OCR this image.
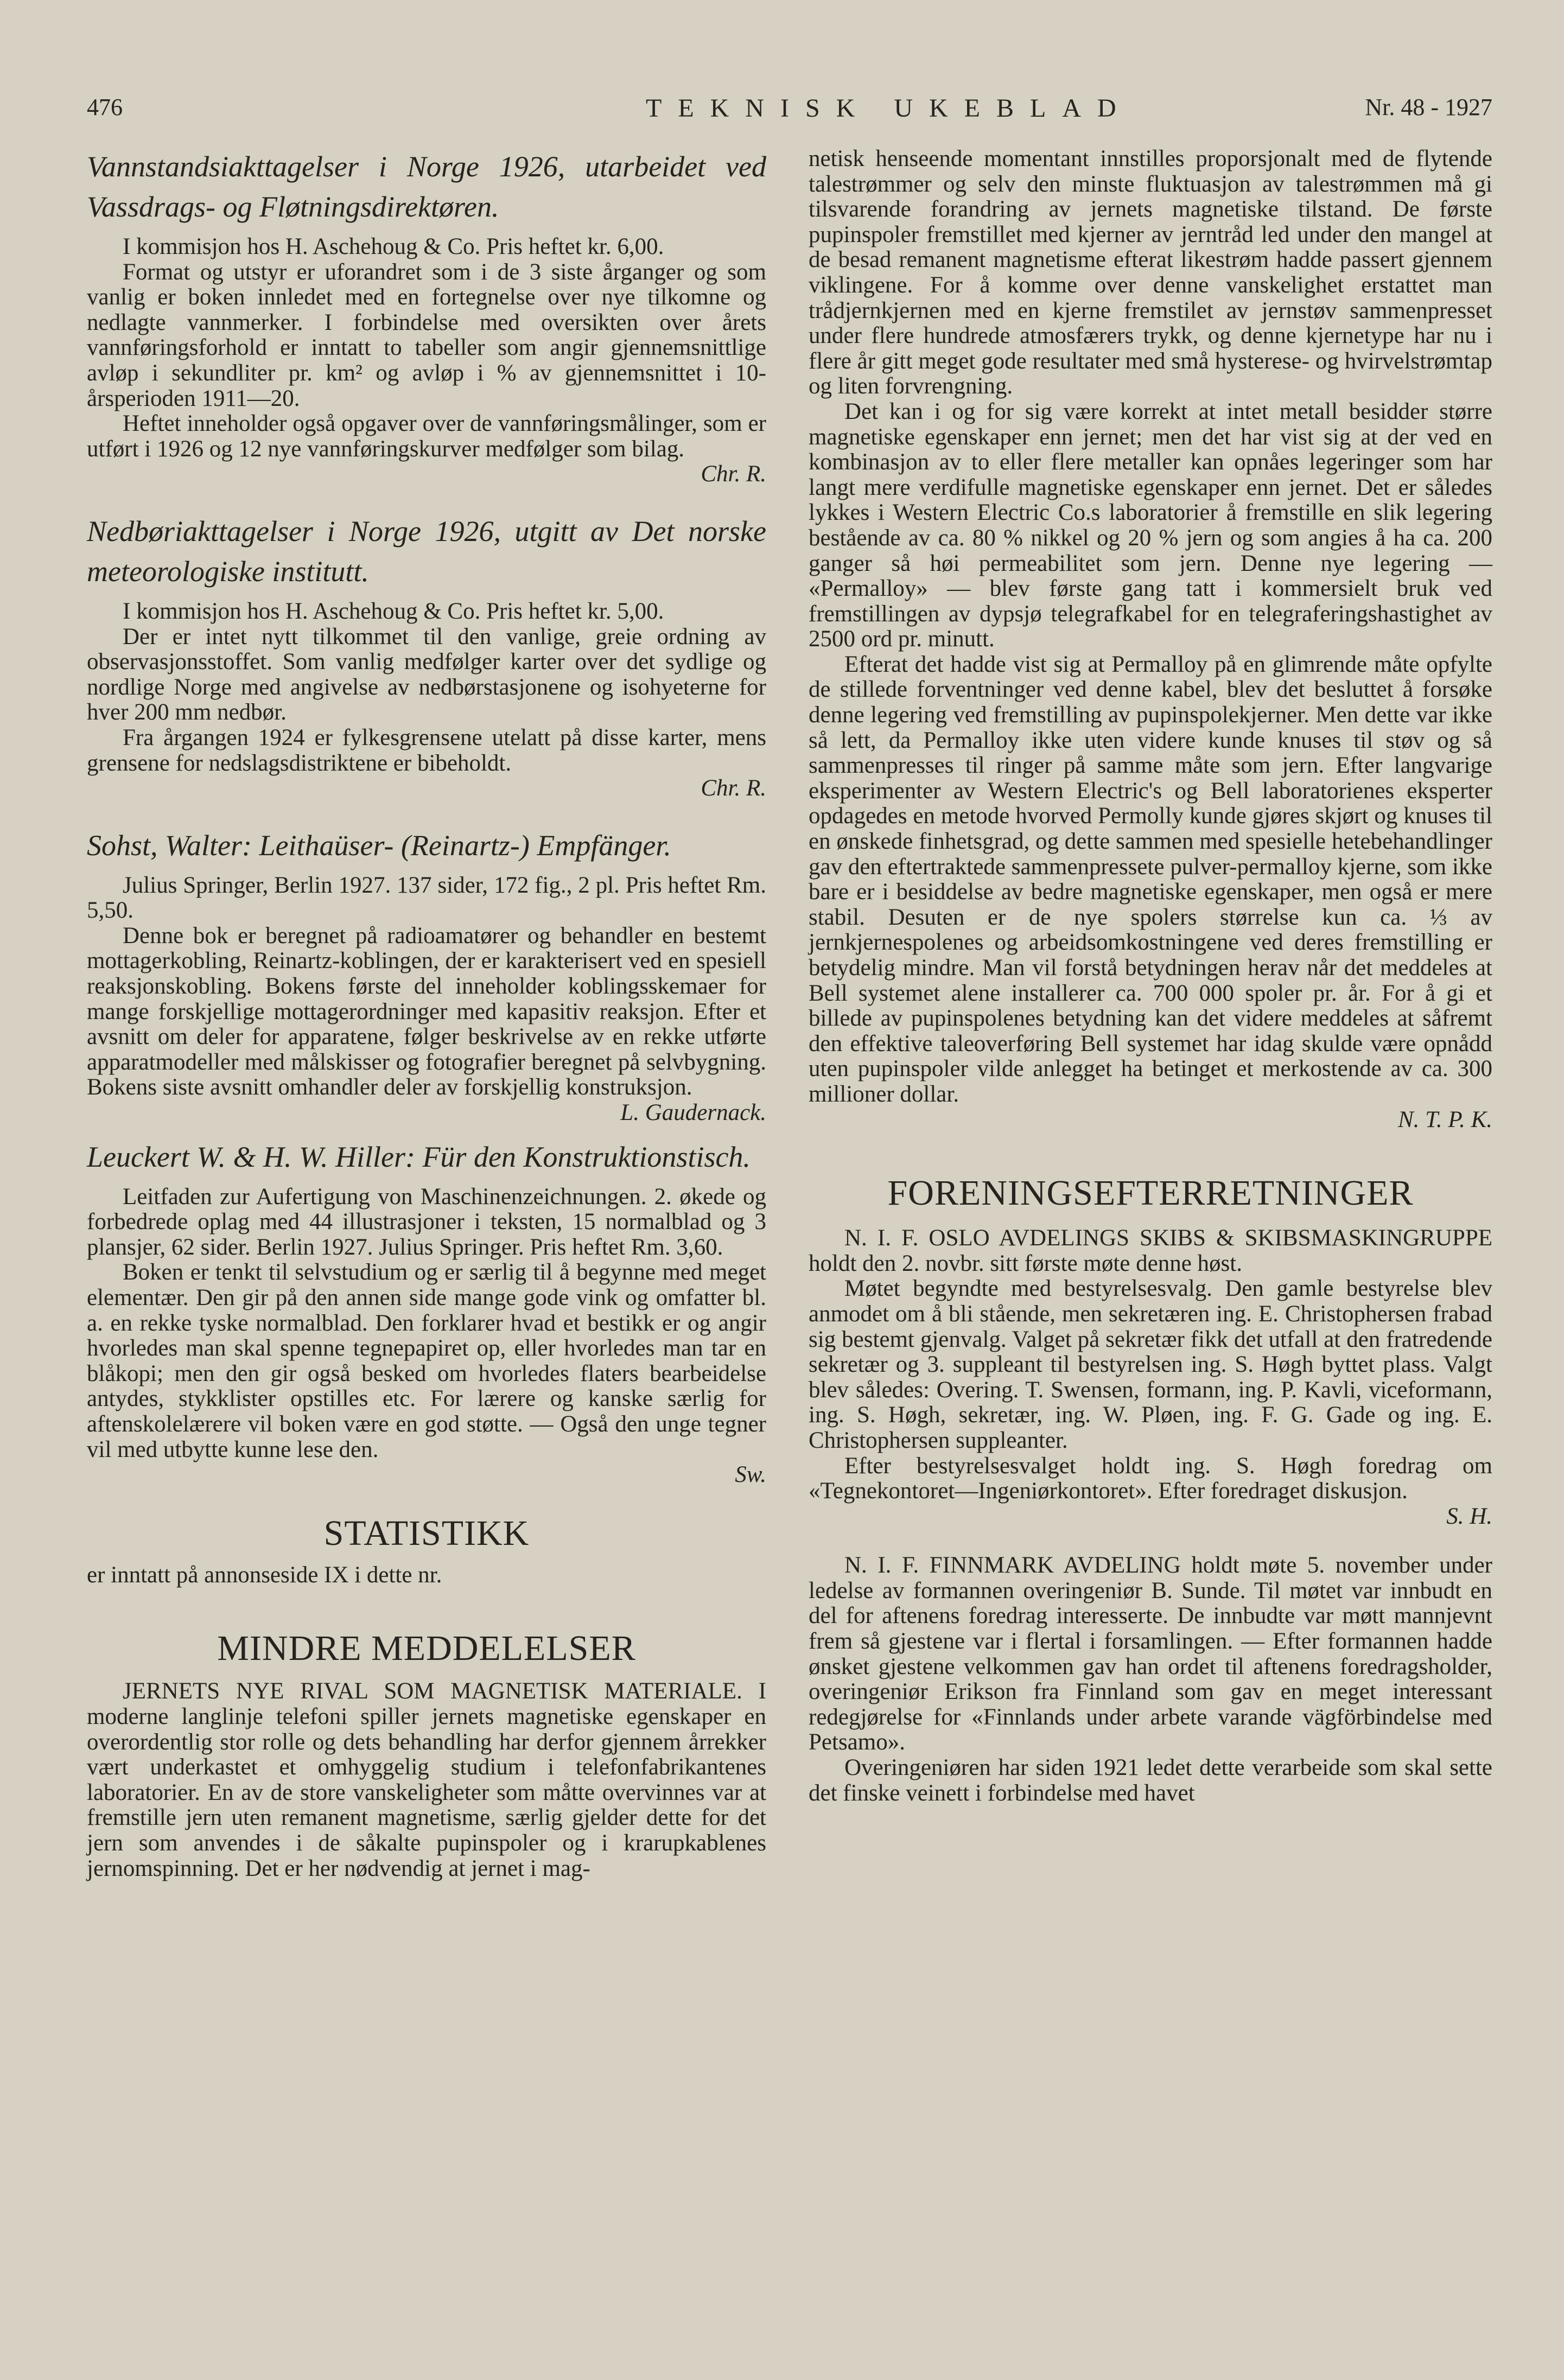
476	TEKNISK UKEBLAD	Nr. 48 - 1927

Vannstandsiakttagelser i Norge 1926, utarbeidet ved Vassdrags- og Fløtningsdirektøren.

I kommisjon hos H. Aschehoug & Co. Pris heftet kr. 6,00.

Format og utstyr er uforandret som i de 3 siste årganger og som vanlig er boken innledet med en fortegnelse over nye tilkomne og nedlagte vannmerker. I forbindelse med oversikten over årets vannføringsforhold er inntatt to tabeller som angir gjennemsnittlige avløp i sekundliter pr. km² og avløp i % av gjennemsnittet i 10-årsperioden 1911—20.

Heftet inneholder også opgaver over de vannføringsmålinger, som er utført i 1926 og 12 nye vannføringskurver medfølger som bilag.

Chr. R.

Nedbøriakttagelser i Norge 1926, utgitt av Det norske meteorologiske institutt.

I kommisjon hos H. Aschehoug & Co. Pris heftet kr. 5,00.

Der er intet nytt tilkommet til den vanlige, greie ordning av observasjonsstoffet. Som vanlig medfølger karter over det sydlige og nordlige Norge med angivelse av nedbørstasjonene og isohyeterne for hver 200 mm nedbør.

Fra årgangen 1924 er fylkesgrensene utelatt på disse karter, mens grensene for nedslagsdistriktene er bibeholdt.

Chr. R.

Sohst, Walter: Leithaüser- (Reinartz-) Empfänger.

Julius Springer, Berlin 1927. 137 sider, 172 fig., 2 pl. Pris heftet Rm. 5,50.

Denne bok er beregnet på radioamatører og behandler en bestemt mottagerkobling, Reinartz-koblingen, der er karakterisert ved en spesiell reaksjonskobling. Bokens første del inneholder koblingsskemaer for mange forskjellige mottagerordninger med kapasitiv reaksjon. Efter et avsnitt om deler for apparatene, følger beskrivelse av en rekke utførte apparatmodeller med målskisser og fotografier beregnet på selvbygning. Bokens siste avsnitt omhandler deler av forskjellig konstruksjon.

L. Gaudernack.

Leuckert W. & H. W. Hiller: Für den Konstruktionstisch.

Leitfaden zur Aufertigung von Maschinenzeichnungen. 2. økede og forbedrede oplag med 44 illustrasjoner i teksten, 15 normalblad og 3 plansjer, 62 sider. Berlin 1927. Julius Springer. Pris heftet Rm. 3,60.

Boken er tenkt til selvstudium og er særlig til å begynne med meget elementær. Den gir på den annen side mange gode vink og omfatter bl. a. en rekke tyske normalblad. Den forklarer hvad et bestikk er og angir hvorledes man skal spenne tegnepapiret op, eller hvorledes man tar en blåkopi; men den gir også besked om hvorledes flaters bearbeidelse antydes, stykklister opstilles etc. For lærere og kanske særlig for aftenskolelærere vil boken være en god støtte. — Også den unge tegner vil med utbytte kunne lese den.

Sw.

STATISTIKK

er inntatt på annonseside IX i dette nr.

MINDRE MEDDELELSER

JERNETS NYE RIVAL SOM MAGNETISK MATERIALE. I moderne langlinje telefoni spiller jernets magnetiske egenskaper en overordentlig stor rolle og dets behandling har derfor gjennem årrekker vært underkastet et omhyggelig studium i telefonfabrikantenes laboratorier. En av de store vanskeligheter som måtte overvinnes var at fremstille jern uten remanent magnetisme, særlig gjelder dette for det jern som anvendes i de såkalte pupinspoler og i krarupkablenes jernomspinning. Det er her nødvendig at jernet i mag-

netisk henseende momentant innstilles proporsjonalt med de flytende talestrømmer og selv den minste fluktuasjon av talestrømmen må gi tilsvarende forandring av jernets magnetiske tilstand. De første pupinspoler fremstillet med kjerner av jerntråd led under den mangel at de besad remanent magnetisme efterat likestrøm hadde passert gjennem viklingene. For å komme over denne vanskelighet erstattet man trådjernkjernen med en kjerne fremstilet av jernstøv sammenpresset under flere hundrede atmosfærers trykk, og denne kjernetype har nu i flere år gitt meget gode resultater med små hysterese- og hvirvelstrømtap og liten forvrengning.

Det kan i og for sig være korrekt at intet metall besidder større magnetiske egenskaper enn jernet; men det har vist sig at der ved en kombinasjon av to eller flere metaller kan opnåes legeringer som har langt mere verdifulle magnetiske egenskaper enn jernet. Det er således lykkes i Western Electric Co.s laboratorier å fremstille en slik legering bestående av ca. 80 % nikkel og 20 % jern og som angies å ha ca. 200 ganger så høi permeabilitet som jern. Denne nye legering — «Permalloy» — blev første gang tatt i kommersielt bruk ved fremstillingen av dypsjø telegrafkabel for en telegraferingshastighet av 2500 ord pr. minutt.

Efterat det hadde vist sig at Permalloy på en glimrende måte opfylte de stillede forventninger ved denne kabel, blev det besluttet å forsøke denne legering ved fremstilling av pupinspolekjerner. Men dette var ikke så lett, da Permalloy ikke uten videre kunde knuses til støv og så sammenpresses til ringer på samme måte som jern. Efter langvarige eksperimenter av Western Electric's og Bell laboratorienes eksperter opdagedes en metode hvorved Permolly kunde gjøres skjørt og knuses til en ønskede finhetsgrad, og dette sammen med spesielle hetebehandlinger gav den eftertraktede sammenpressete pulver-permalloy kjerne, som ikke bare er i besiddelse av bedre magnetiske egenskaper, men også er mere stabil. Desuten er de nye spolers størrelse kun ca. ⅓ av jernkjernespolenes og arbeidsomkostningene ved deres fremstilling er betydelig mindre. Man vil forstå betydningen herav når det meddeles at Bell systemet alene installerer ca. 700 000 spoler pr. år. For å gi et billede av pupinspolenes betydning kan det videre meddeles at såfremt den effektive taleoverføring Bell systemet har idag skulde være opnådd uten pupinspoler vilde anlegget ha betinget et merkostende av ca. 300 millioner dollar.

N. T. P. K.

FORENINGSEFTERRETNINGER

N. I. F. OSLO AVDELINGS SKIBS & SKIBSMASKINGRUPPE holdt den 2. novbr. sitt første møte denne høst.

Møtet begyndte med bestyrelsesvalg. Den gamle bestyrelse blev anmodet om å bli stående, men sekretæren ing. E. Christophersen frabad sig bestemt gjenvalg. Valget på sekretær fikk det utfall at den fratredende sekretær og 3. suppleant til bestyrelsen ing. S. Høgh byttet plass. Valgt blev således: Overing. T. Swensen, formann, ing. P. Kavli, viceformann, ing. S. Høgh, sekretær, ing. W. Pløen, ing. F. G. Gade og ing. E. Christophersen suppleanter.

Efter bestyrelsesvalget holdt ing. S. Høgh foredrag om «Tegnekontoret—Ingeniørkontoret». Efter foredraget diskusjon.

S. H.

N. I. F. FINNMARK AVDELING holdt møte 5. november under ledelse av formannen overingeniør B. Sunde. Til møtet var innbudt en del for aftenens foredrag interesserte. De innbudte var møtt mannjevnt frem så gjestene var i flertal i forsamlingen. — Efter formannen hadde ønsket gjestene velkommen gav han ordet til aftenens foredragsholder, overingeniør Erikson fra Finnland som gav en meget interessant redegjørelse for «Finnlands under arbete varande vägförbindelse med Petsamo».

Overingeniøren har siden 1921 ledet dette verarbeide som skal sette det finske veinett i forbindelse med havet
